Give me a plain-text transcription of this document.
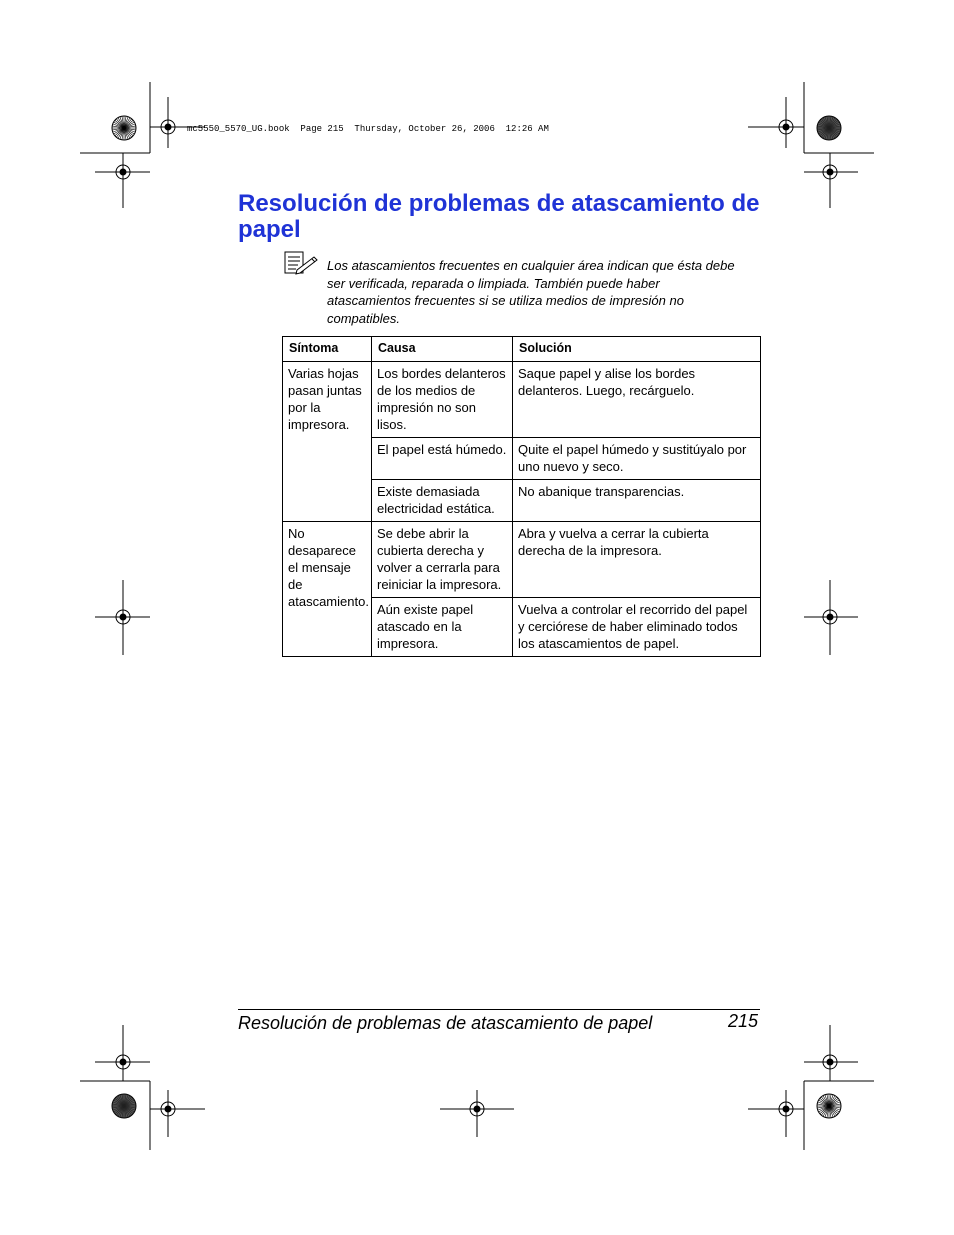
mc5550_5570_UG.book  Page 215  Thursday, October 26, 2006  12:26 AM
Resolución de problemas de atascamiento de papel
Los atascamientos frecuentes en cualquier área indican que ésta debe ser verificada, reparada o limpiada. También puede haber atascamientos frecuentes si se utiliza medios de impresión no compatibles.
Síntoma	Causa	Solución
Varias hojas pasan juntas por la impresora.	Los bordes delanteros de los medios de impresión no son lisos.	Saque papel y alise los bordes delanteros. Luego, recárguelo.
	El papel está húmedo.	Quite el papel húmedo y sustitúyalo por uno nuevo y seco.
	Existe demasiada electricidad estática.	No abanique transparencias.
No desaparece el mensaje de atascamiento.	Se debe abrir la cubierta derecha y volver a cerrarla para reiniciar la impresora.	Abra y vuelva a cerrar la cubierta derecha de la impresora.
	Aún existe papel atascado en la impresora.	Vuelva a controlar el recorrido del papel y cerciórese de haber eliminado todos los atascamientos de papel.
Resolución de problemas de atascamiento de papel	215
